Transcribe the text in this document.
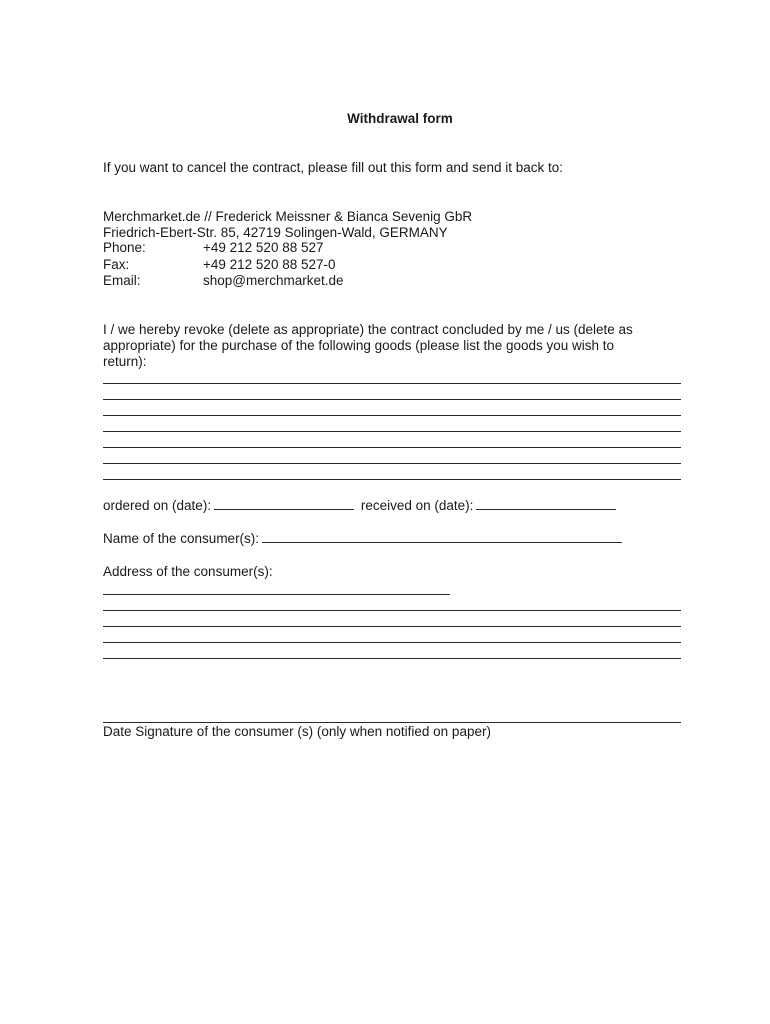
Withdrawal form
If you want to cancel the contract, please fill out this form and send it back to:
Merchmarket.de // Frederick Meissner & Bianca Sevenig GbR
Friedrich-Ebert-Str. 85, 42719 Solingen-Wald, GERMANY
Phone:	+49 212 520 88 527
Fax:	+49 212 520 88 527-0
Email:	shop@merchmarket.de
I / we hereby revoke (delete as appropriate) the contract concluded by me / us (delete as
appropriate) for the purchase of the following goods (please list the goods you wish to
return):
ordered on (date):	received on (date):
Name of the consumer(s):
Address of the consumer(s):
Date Signature of the consumer (s) (only when notified on paper)
